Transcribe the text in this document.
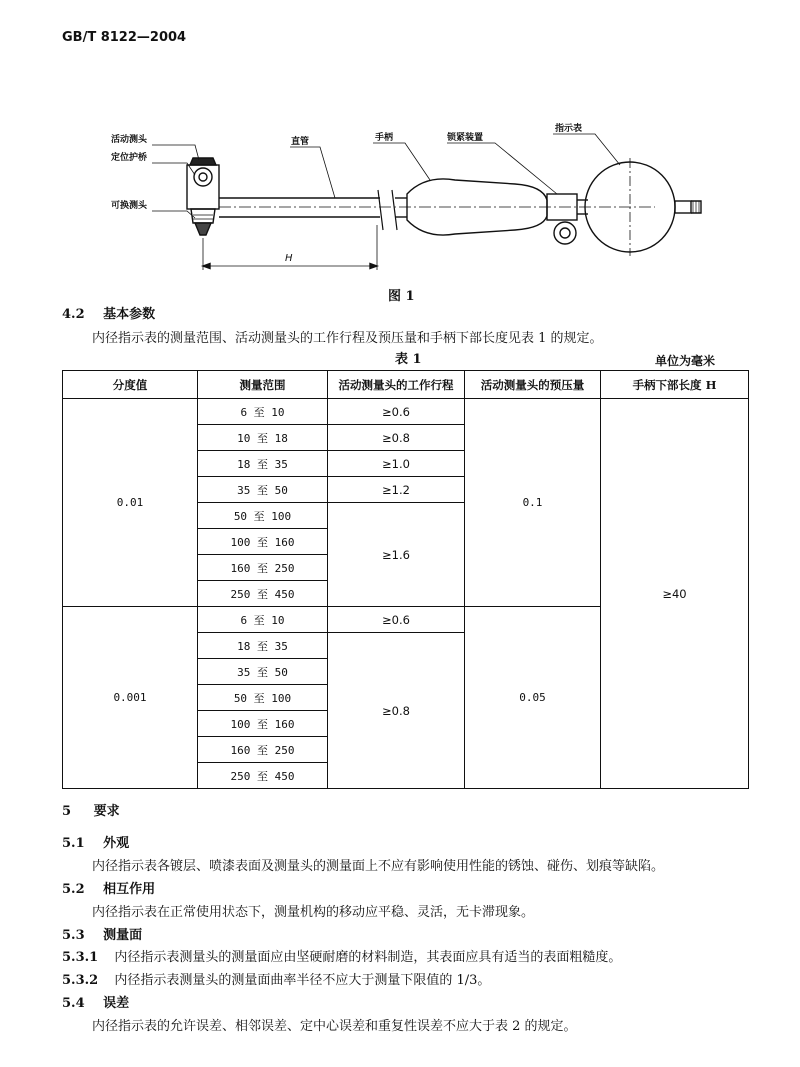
GB/T 8122—2004
活动测头
定位护桥
可换测头
直管	手柄	锁紧装置
指示表
H
图 1
4.2 基本参数
内径指示表的测量范围、活动测量头的工作行程及预压量和手柄下部长度见表 1 的规定。
表 1	单位为毫米
分度值	测量范围	活动测量头的工作行程	活动测量头的预压量	手柄下部长度 H
0.01	6 至 10	≥0.6	0.1	≥40
	10 至 18	≥0.8		
	18 至 35	≥1.0		
	35 至 50	≥1.2		
	50 至 100	≥1.6		
	100 至 160			
	160 至 250			
	250 至 450			
0.001	6 至 10	≥0.6	0.05	
	18 至 35	≥0.8		
	35 至 50			
	50 至 100			
	100 至 160			
	160 至 250			
	250 至 450			
5 要求
5.1 外观
内径指示表各镀层、喷漆表面及测量头的测量面上不应有影响使用性能的锈蚀、碰伤、划痕等缺陷。
5.2 相互作用
内径指示表在正常使用状态下，测量机构的移动应平稳、灵活，无卡滞现象。
5.3 测量面
5.3.1 内径指示表测量头的测量面应由坚硬耐磨的材料制造，其表面应具有适当的表面粗糙度。
5.3.2 内径指示表测量头的测量面曲率半径不应大于测量下限值的 1/3。
5.4 误差
内径指示表的允许误差、相邻误差、定中心误差和重复性误差不应大于表 2 的规定。
